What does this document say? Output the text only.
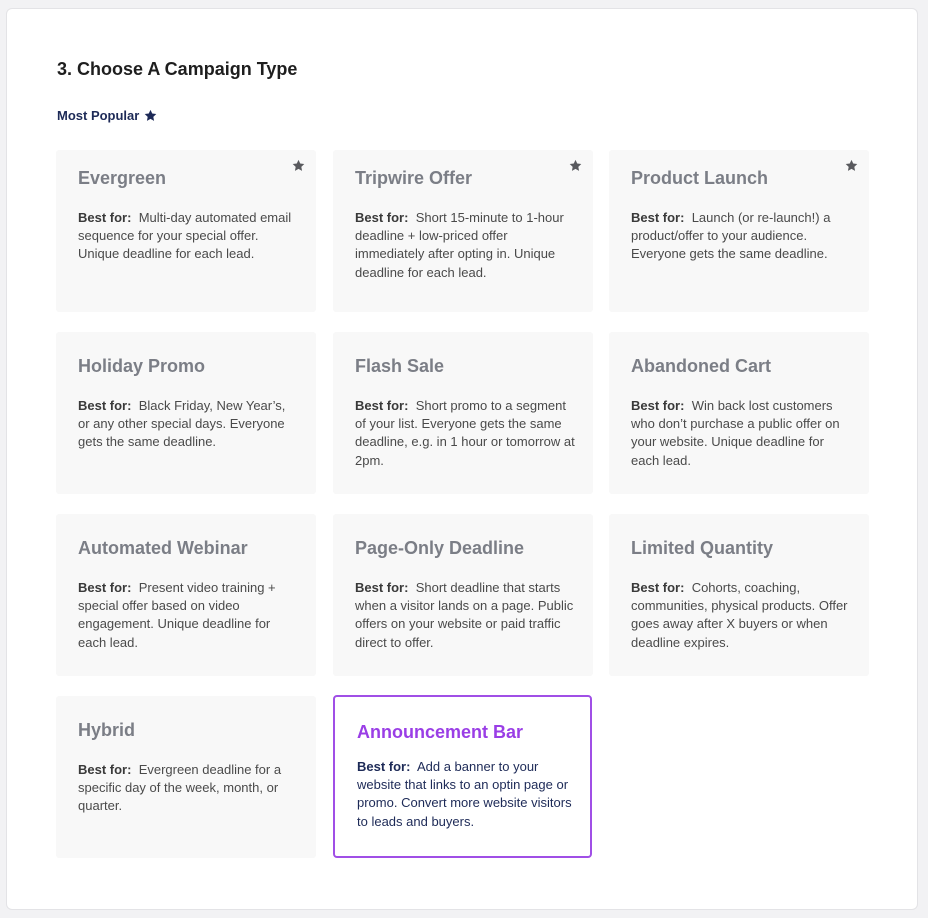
3. Choose A Campaign Type
Most Popular
Evergreen
Best for: Multi-day automated email sequence for your special offer. Unique deadline for each lead.
Tripwire Offer
Best for: Short 15-minute to 1-hour deadline + low-priced offer immediately after opting in. Unique deadline for each lead.
Product Launch
Best for: Launch (or re-launch!) a product/offer to your audience. Everyone gets the same deadline.
Holiday Promo
Best for: Black Friday, New Year’s, or any other special days. Everyone gets the same deadline.
Flash Sale
Best for: Short promo to a segment of your list. Everyone gets the same deadline, e.g. in 1 hour or tomorrow at 2pm.
Abandoned Cart
Best for: Win back lost customers who don’t purchase a public offer on your website. Unique deadline for each lead.
Automated Webinar
Best for: Present video training + special offer based on video engagement. Unique deadline for each lead.
Page-Only Deadline
Best for: Short deadline that starts when a visitor lands on a page. Public offers on your website or paid traffic direct to offer.
Limited Quantity
Best for: Cohorts, coaching, communities, physical products. Offer goes away after X buyers or when deadline expires.
Hybrid
Best for: Evergreen deadline for a specific day of the week, month, or quarter.
Announcement Bar
Best for: Add a banner to your website that links to an optin page or promo. Convert more website visitors to leads and buyers.
